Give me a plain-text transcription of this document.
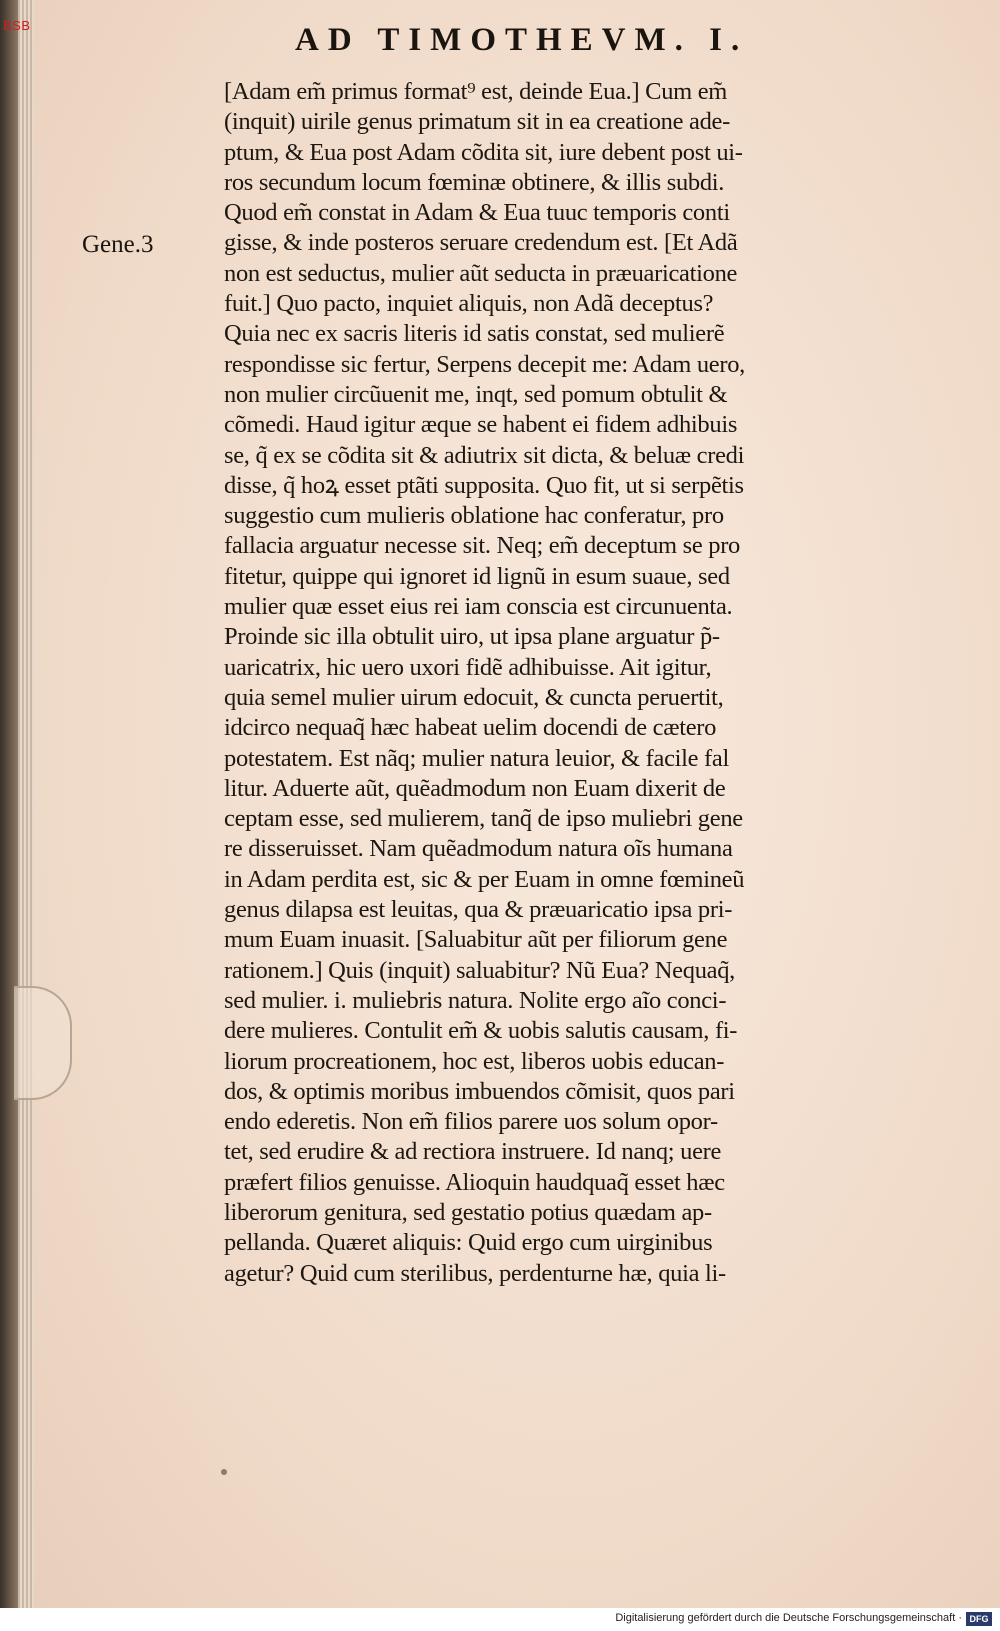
BSB	AD TIMOTHEVM. I.
Gene.3
[Adam em̃ primus format⁹ est, deinde Eua.] Cum em̃
(inquit) uirile genus primatum sit in ea creatione ade-
ptum, & Eua post Adam cõdita sit, iure debent post ui-
ros secundum locum fœminæ obtinere, & illis subdi.
Quod em̃ constat in Adam & Eua tuuc temporis conti
gisse, & inde posteros seruare credendum est. [Et Adã
non est seductus, mulier aũt seducta in præuaricatione
fuit.] Quo pacto, inquiet aliquis, non Adã deceptus?
Quia nec ex sacris literis id satis constat, sed mulierẽ
respondisse sic fertur, Serpens decepit me: Adam uero,
non mulier circũuenit me, inqt, sed pomum obtulit &
cõmedi. Haud igitur æque se habent ei fidem adhibuis
se, q̃ ex se cõdita sit & adiutrix sit dicta, & beluæ credi
disse, q̃ hoꝝ esset ptãti supposita. Quo fit, ut si serpẽtis
suggestio cum mulieris oblatione hac conferatur, pro
fallacia arguatur necesse sit. Neq; em̃ deceptum se pro
fitetur, quippe qui ignoret id lignũ in esum suaue, sed
mulier quæ esset eius rei iam conscia est circunuenta.
Proinde sic illa obtulit uiro, ut ipsa plane arguatur p̃-
uaricatrix, hic uero uxori fidẽ adhibuisse. Ait igitur,
quia semel mulier uirum edocuit, & cuncta peruertit,
idcirco nequaq̃ hæc habeat uelim docendi de cætero
potestatem. Est nãq; mulier natura leuior, & facile fal
litur. Aduerte aũt, quẽadmodum non Euam dixerit de
ceptam esse, sed mulierem, tanq̃ de ipso muliebri gene
re disseruisset. Nam quẽadmodum natura oĩs humana
in Adam perdita est, sic & per Euam in omne fœmineũ
genus dilapsa est leuitas, qua & præuaricatio ipsa pri-
mum Euam inuasit. [Saluabitur aũt per filiorum gene
rationem.] Quis (inquit) saluabitur? Nũ Eua? Nequaq̃,
sed mulier. i. muliebris natura. Nolite ergo aĩo conci-
dere mulieres. Contulit em̃ & uobis salutis causam, fi-
liorum procreationem, hoc est, liberos uobis educan-
dos, & optimis moribus imbuendos cõmisit, quos pari
endo ederetis. Non em̃ filios parere uos solum opor-
tet, sed erudire & ad rectiora instruere. Id nanq; uere
præfert filios genuisse. Alioquin haudquaq̃ esset hæc
liberorum genitura, sed gestatio potius quædam ap-
pellanda. Quæret aliquis: Quid ergo cum uirginibus
agetur? Quid cum sterilibus, perdenturne hæ, quia li-
Digitalisierung gefördert durch die Deutsche Forschungsgemeinschaft · DFG
